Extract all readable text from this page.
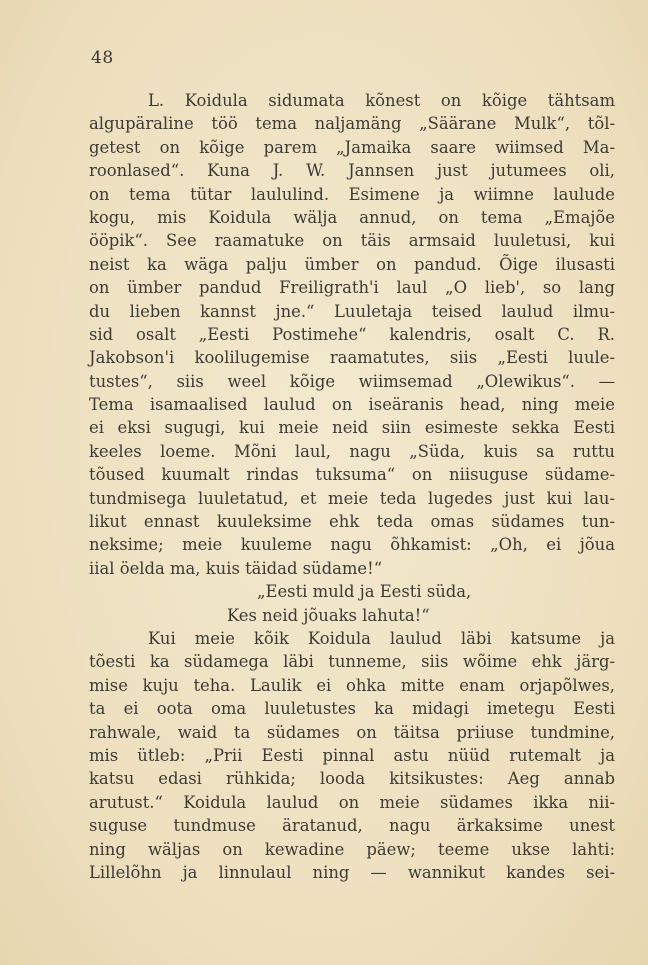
48
L. Koidula sidumata kõnest on kõige tähtsam
algupäraline töö tema naljamäng „Säärane Mulk“, tõl-
getest on kõige parem „Jamaika saare wiimsed Ma-
roonlased“. Kuna J. W. Jannsen just jutumees oli,
on tema tütar laululind. Esimene ja wiimne laulude
kogu, mis Koidula wälja annud, on tema „Emajõe
ööpik“. See raamatuke on täis armsaid luuletusi, kui
neist ka wäga palju ümber on pandud. Õige ilusasti
on ümber pandud Freiligrath'i laul „O lieb', so lang
du lieben kannst jne.“ Luuletaja teised laulud ilmu-
sid osalt „Eesti Postimehe“ kalendris, osalt C. R.
Jakobson'i koolilugemise raamatutes, siis „Eesti luule-
tustes“, siis weel kõige wiimsemad „Olewikus“. —
Tema isamaalised laulud on iseäranis head, ning meie
ei eksi sugugi, kui meie neid siin esimeste sekka Eesti
keeles loeme. Mõni laul, nagu „Süda, kuis sa ruttu
tõused kuumalt rindas tuksuma“ on niisuguse südame-
tundmisega luuletatud, et meie teda lugedes just kui lau-
likut ennast kuuleksime ehk teda omas südames tun-
neksime; meie kuuleme nagu õhkamist: „Oh, ei jõua
iial öelda ma, kuis täidad südame!“
„Eesti muld ja Eesti süda,
Kes neid jõuaks lahuta!“
Kui meie kõik Koidula laulud läbi katsume ja
tõesti ka südamega läbi tunneme, siis wõime ehk järg-
mise kuju teha. Laulik ei ohka mitte enam orjapõlwes,
ta ei oota oma luuletustes ka midagi imetegu Eesti
rahwale, waid ta südames on täitsa priiuse tundmine,
mis ütleb: „Prii Eesti pinnal astu nüüd rutemalt ja
katsu edasi rühkida; looda kitsikustes: Aeg annab
arutust.“ Koidula laulud on meie südames ikka nii-
suguse tundmuse äratanud, nagu ärkaksime unest
ning wäljas on kewadine päew; teeme ukse lahti:
Lillelõhn ja linnulaul ning — wannikut kandes sei-
